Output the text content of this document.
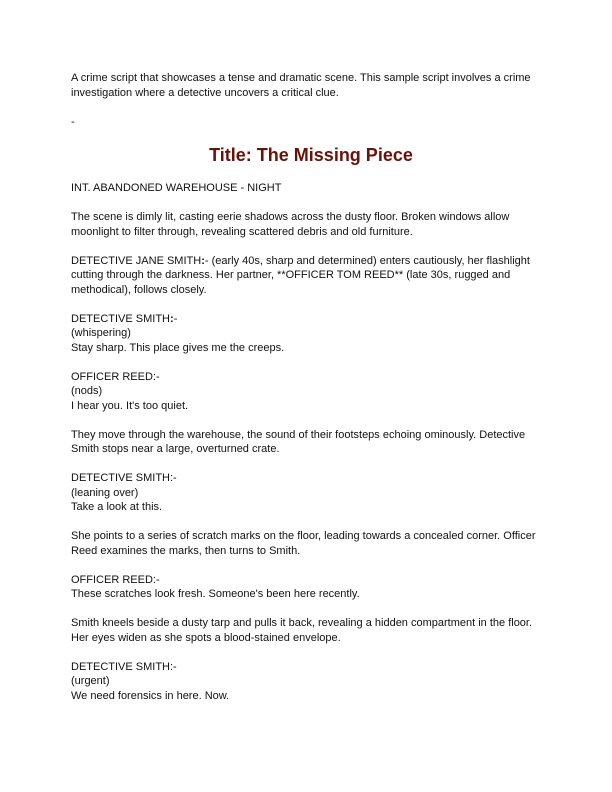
A crime script that showcases a tense and dramatic scene. This sample script involves a crime investigation where a detective uncovers a critical clue.

-

Title: The Missing Piece

INT. ABANDONED WAREHOUSE - NIGHT

The scene is dimly lit, casting eerie shadows across the dusty floor. Broken windows allow moonlight to filter through, revealing scattered debris and old furniture.

DETECTIVE JANE SMITH:- (early 40s, sharp and determined) enters cautiously, her flashlight cutting through the darkness. Her partner, **OFFICER TOM REED** (late 30s, rugged and methodical), follows closely.

DETECTIVE SMITH:-
(whispering)
Stay sharp. This place gives me the creeps.
OFFICER REED:-
(nods)
I hear you. It's too quiet.

They move through the warehouse, the sound of their footsteps echoing ominously. Detective Smith stops near a large, overturned crate.

DETECTIVE SMITH:-
(leaning over)
Take a look at this.

She points to a series of scratch marks on the floor, leading towards a concealed corner. Officer Reed examines the marks, then turns to Smith.

OFFICER REED:-
These scratches look fresh. Someone's been here recently.

Smith kneels beside a dusty tarp and pulls it back, revealing a hidden compartment in the floor. Her eyes widen as she spots a blood-stained envelope.

DETECTIVE SMITH:-
(urgent)
We need forensics in here. Now.
